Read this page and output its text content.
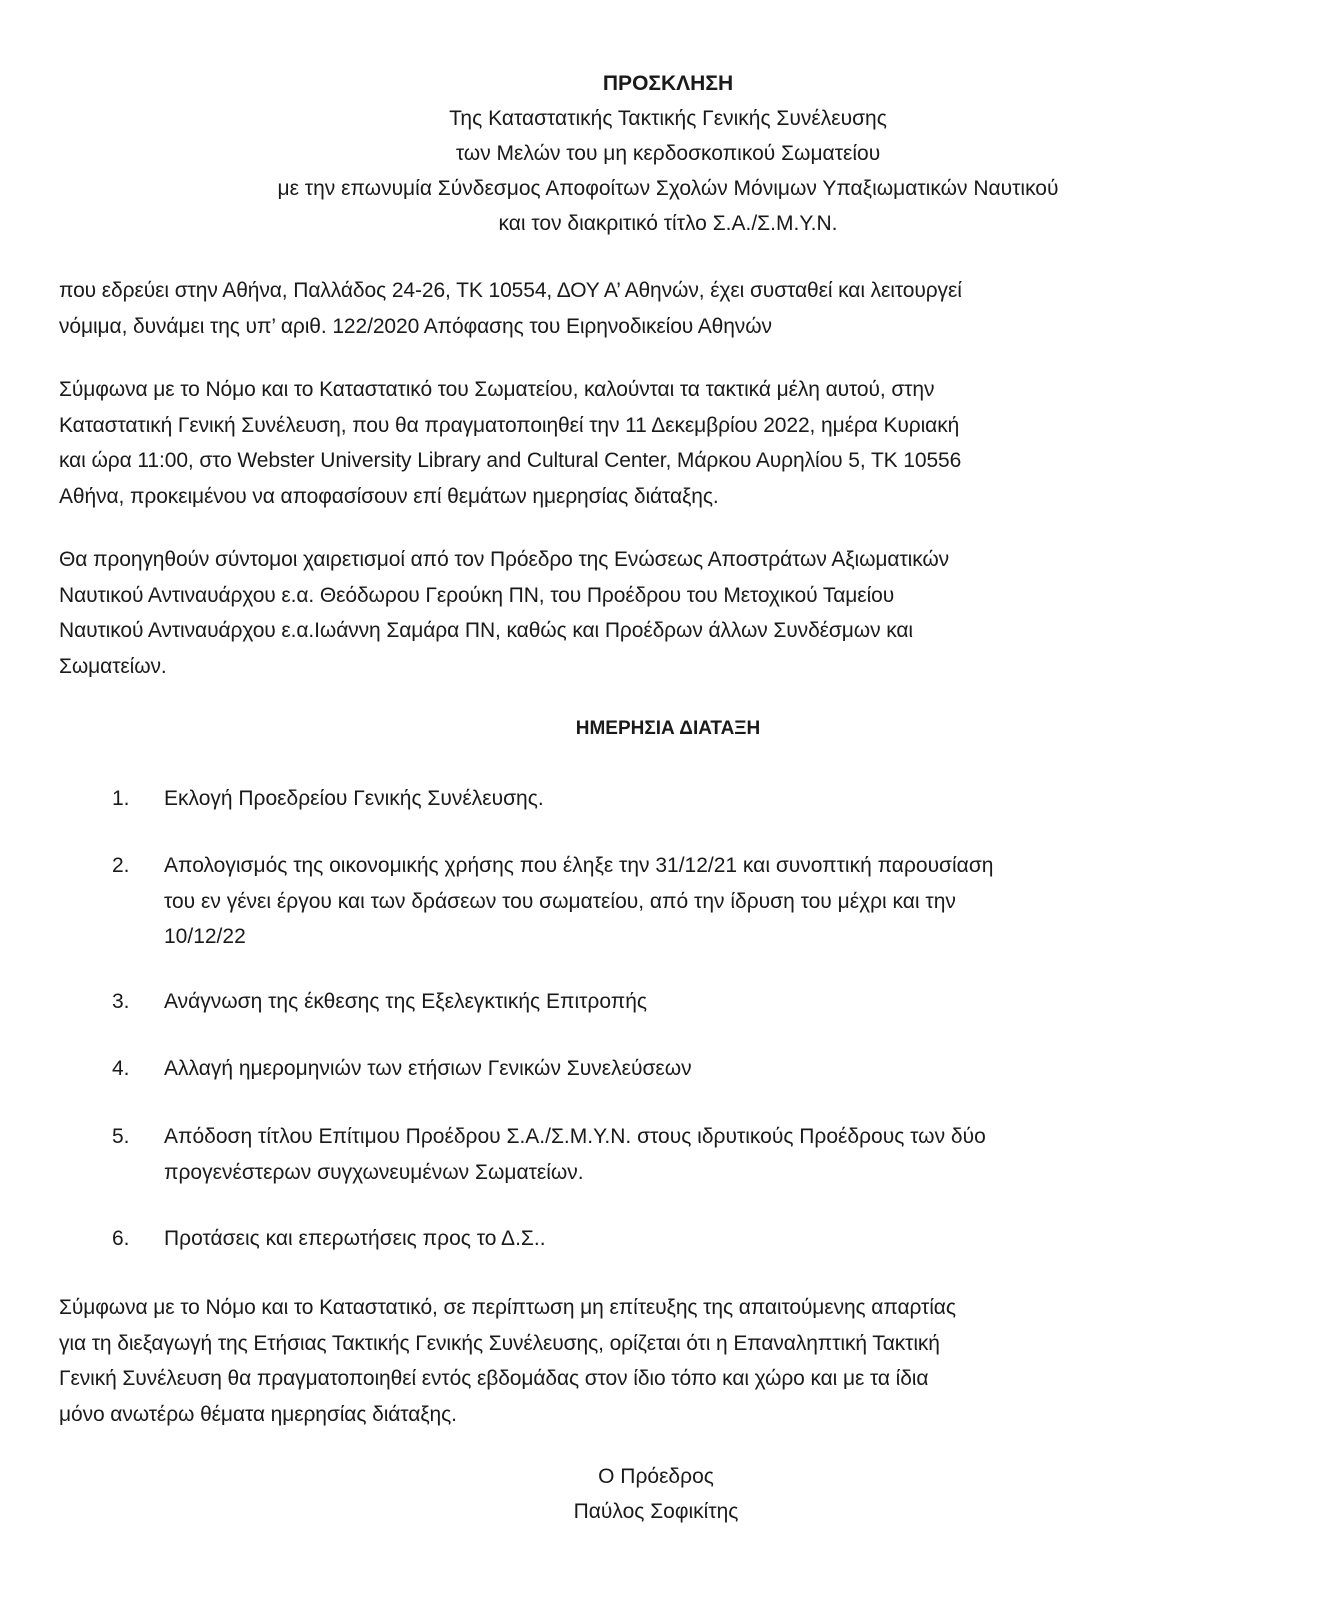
ΠΡΟΣΚΛΗΣΗ
Της Καταστατικής Τακτικής Γενικής Συνέλευσης
των Μελών του μη κερδοσκοπικού Σωματείου
με την επωνυμία Σύνδεσμος Αποφοίτων Σχολών Μόνιμων Υπαξιωματικών Ναυτικού
και τον διακριτικό τίτλο Σ.Α./Σ.Μ.Υ.Ν.
που εδρεύει στην Αθήνα, Παλλάδος 24-26, ΤΚ 10554, ΔΟΥ Α’ Αθηνών, έχει συσταθεί και λειτουργεί
νόμιμα, δυνάμει της υπ’ αριθ. 122/2020 Απόφασης του Ειρηνοδικείου Αθηνών
Σύμφωνα με το Νόμο και το Καταστατικό του Σωματείου, καλούνται τα τακτικά μέλη αυτού, στην
Καταστατική Γενική Συνέλευση, που θα πραγματοποιηθεί την 11 Δεκεμβρίου 2022, ημέρα Κυριακή
και ώρα 11:00, στο Webster University Library and Cultural Center, Μάρκου Αυρηλίου 5, ΤΚ 10556
Αθήνα, προκειμένου να αποφασίσουν επί θεμάτων ημερησίας διάταξης.
Θα προηγηθούν σύντομοι χαιρετισμοί από τον Πρόεδρο της Ενώσεως Αποστράτων Αξιωματικών
Ναυτικού Αντιναυάρχου ε.α. Θεόδωρου Γερούκη ΠΝ, του Προέδρου του Μετοχικού Ταμείου
Ναυτικού Αντιναυάρχου ε.α.Ιωάννη Σαμάρα ΠΝ, καθώς και Προέδρων άλλων Συνδέσμων και
Σωματείων.
ΗΜΕΡΗΣΙΑ ΔΙΑΤΑΞΗ
1.	Εκλογή Προεδρείου Γενικής Συνέλευσης.
2.	Απολογισμός της οικονομικής χρήσης που έληξε την 31/12/21 και συνοπτική παρουσίαση
του εν γένει έργου και των δράσεων του σωματείου, από την ίδρυση του μέχρι και την
10/12/22
3.	Ανάγνωση της έκθεσης της Εξελεγκτικής Επιτροπής
4.	Αλλαγή ημερομηνιών των ετήσιων Γενικών Συνελεύσεων
5.	Απόδοση τίτλου Επίτιμου Προέδρου Σ.Α./Σ.Μ.Υ.Ν. στους ιδρυτικούς Προέδρους των δύο
προγενέστερων συγχωνευμένων Σωματείων.
6.	Προτάσεις και επερωτήσεις προς το Δ.Σ..
Σύμφωνα με το Νόμο και το Καταστατικό, σε περίπτωση μη επίτευξης της απαιτούμενης απαρτίας
για τη διεξαγωγή της Ετήσιας Τακτικής Γενικής Συνέλευσης, ορίζεται ότι η Επαναληπτική Τακτική
Γενική Συνέλευση θα πραγματοποιηθεί εντός εβδομάδας στον ίδιο τόπο και χώρο και με τα ίδια
μόνο ανωτέρω θέματα ημερησίας διάταξης.
Ο Πρόεδρος
Παύλος Σοφικίτης
